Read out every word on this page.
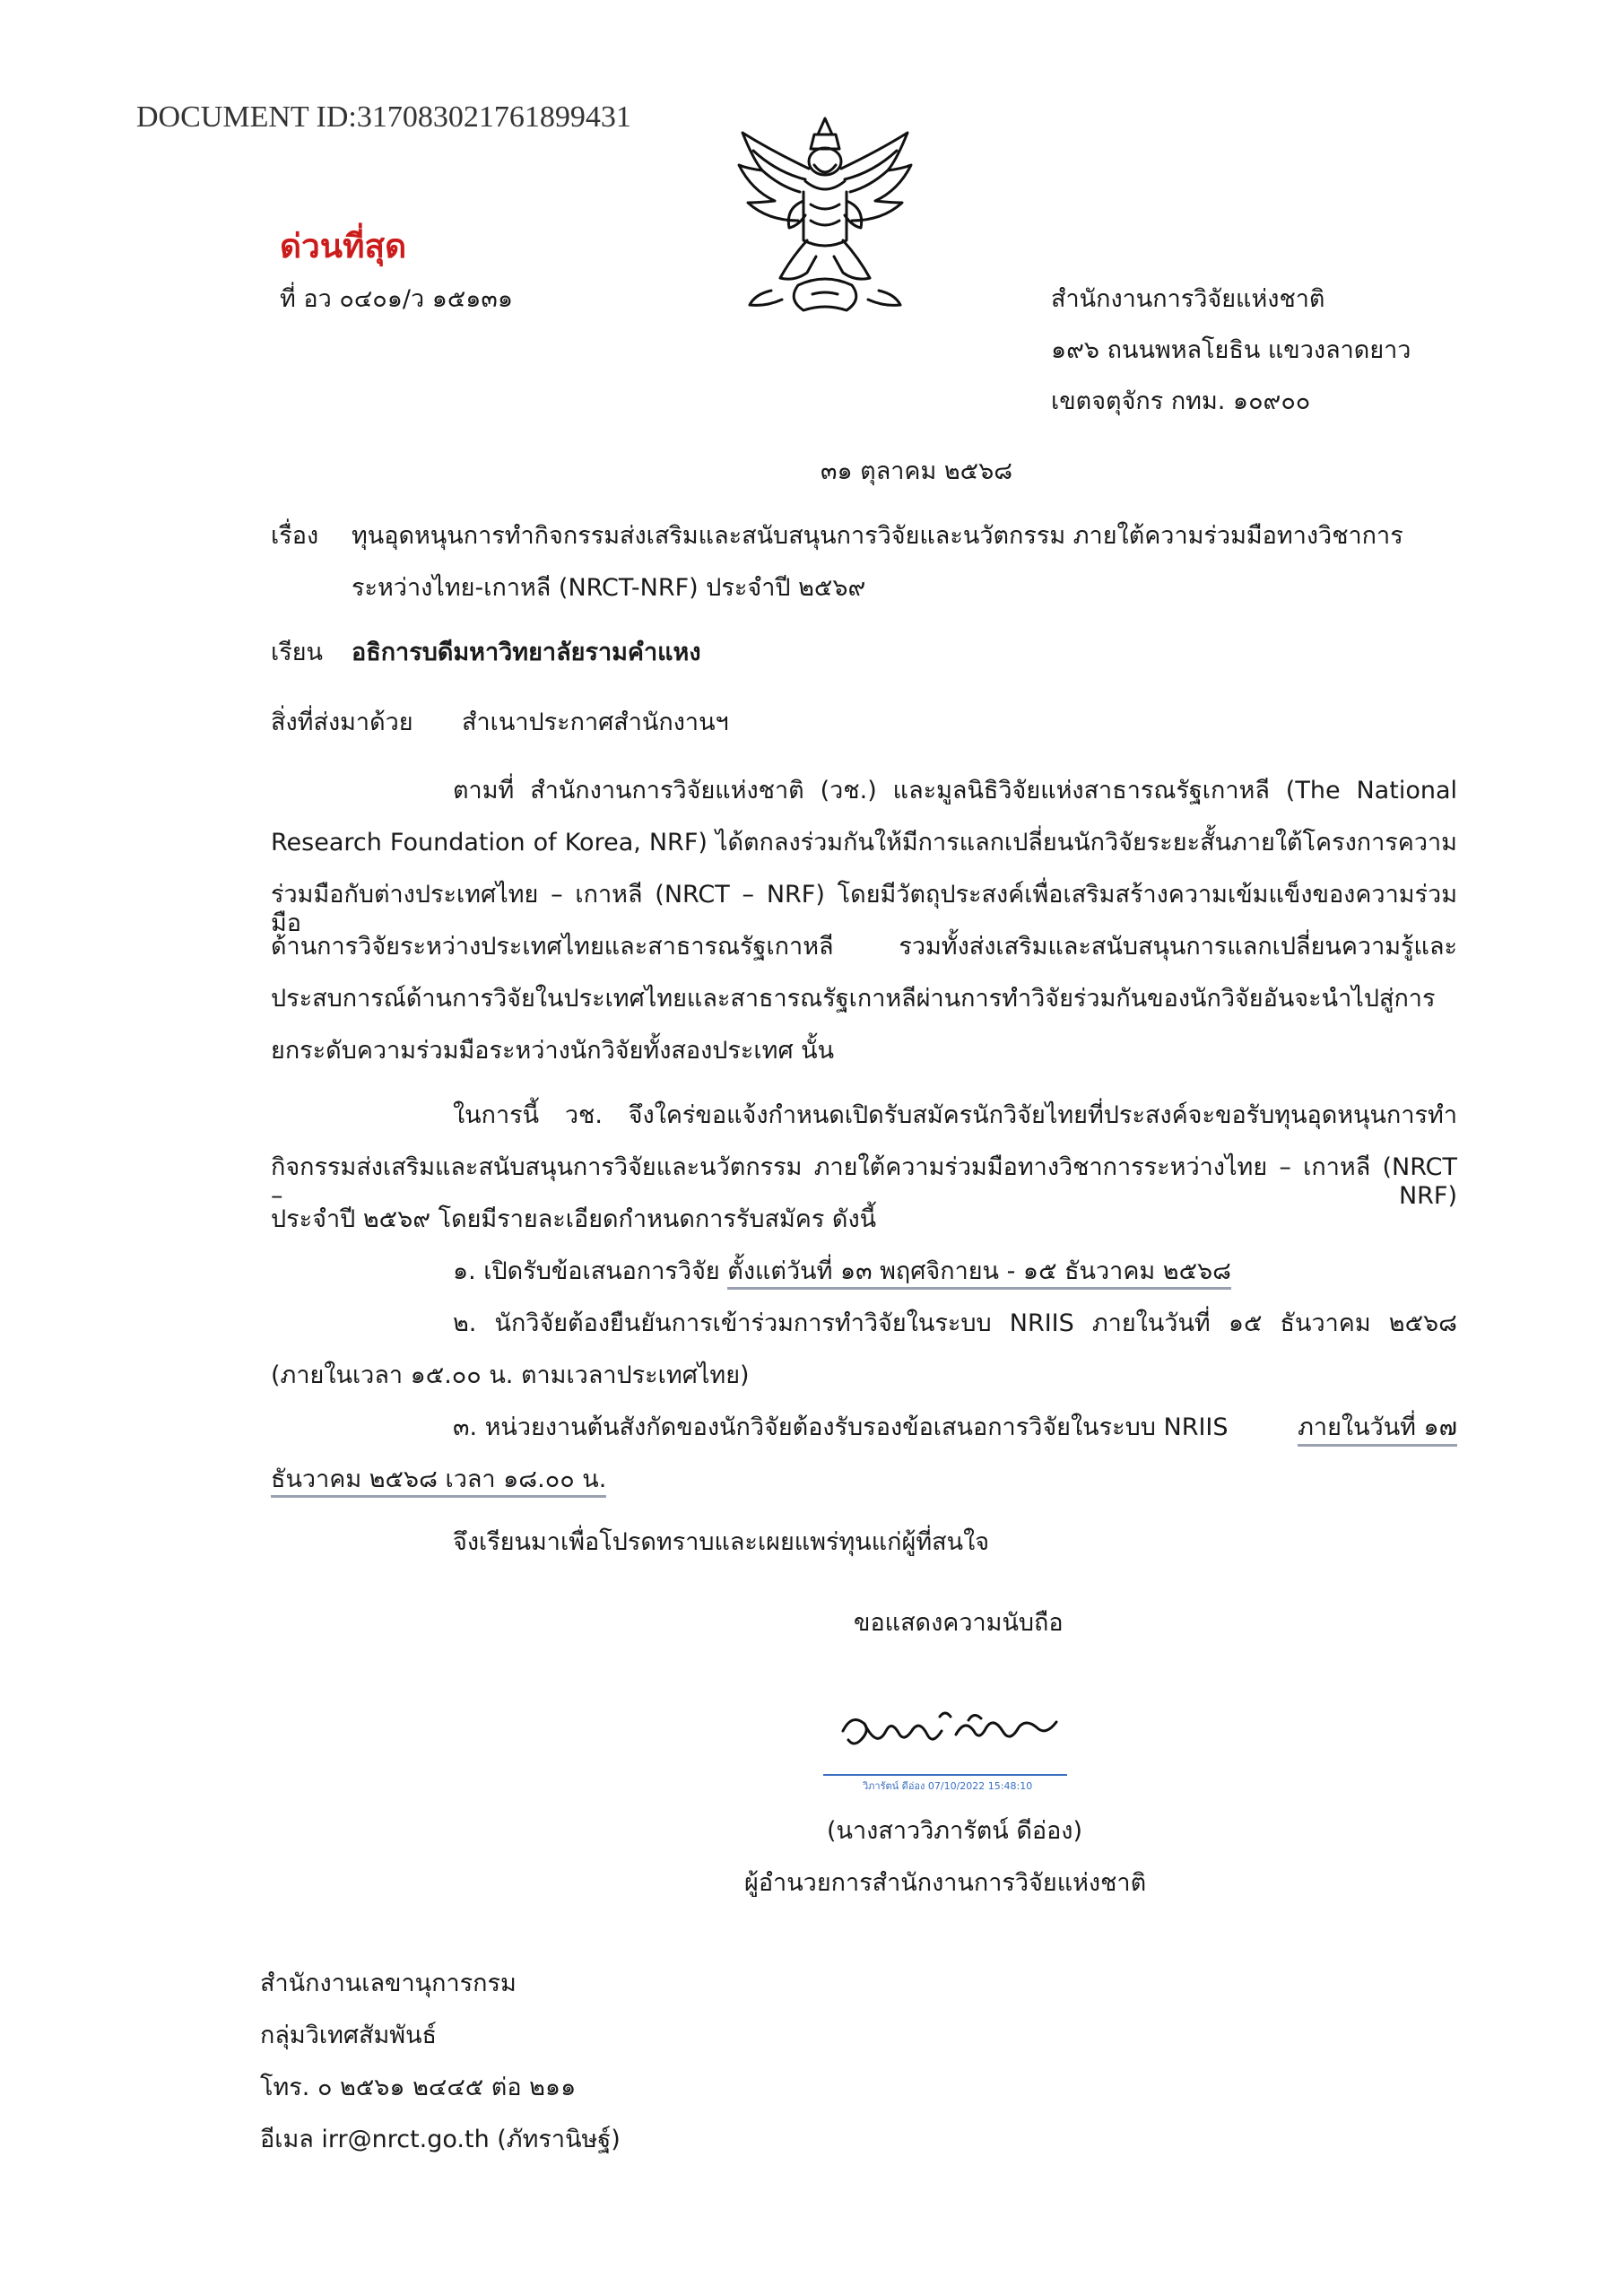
DOCUMENT ID:317083021761899431
ด่วนที่สุด
ที่ อว ๐๔๐๑/ว ๑๕๑๓๑	สำนักงานการวิจัยแห่งชาติ
๑๙๖ ถนนพหลโยธิน แขวงลาดยาว
เขตจตุจักร กทม. ๑๐๙๐๐
๓๑ ตุลาคม ๒๕๖๘
เรื่อง ทุนอุดหนุนการทำกิจกรรมส่งเสริมและสนับสนุนการวิจัยและนวัตกรรม ภายใต้ความร่วมมือทางวิชาการ
ระหว่างไทย-เกาหลี (NRCT-NRF) ประจำปี ๒๕๖๙
เรียน อธิการบดีมหาวิทยาลัยรามคำแหง
สิ่งที่ส่งมาด้วย สำเนาประกาศสำนักงานฯ
ตามที่ สำนักงานการวิจัยแห่งชาติ (วช.) และมูลนิธิวิจัยแห่งสาธารณรัฐเกาหลี (The National
Research Foundation of Korea, NRF) ได้ตกลงร่วมกันให้มีการแลกเปลี่ยนนักวิจัยระยะสั้นภายใต้โครงการความ
ร่วมมือกับต่างประเทศไทย – เกาหลี (NRCT – NRF) โดยมีวัตถุประสงค์เพื่อเสริมสร้างความเข้มแข็งของความร่วมมือ
ด้านการวิจัยระหว่างประเทศไทยและสาธารณรัฐเกาหลี รวมทั้งส่งเสริมและสนับสนุนการแลกเปลี่ยนความรู้และ
ประสบการณ์ด้านการวิจัยในประเทศไทยและสาธารณรัฐเกาหลีผ่านการทำวิจัยร่วมกันของนักวิจัยอันจะนำไปสู่การ
ยกระดับความร่วมมือระหว่างนักวิจัยทั้งสองประเทศ นั้น
ในการนี้ วช. จึงใคร่ขอแจ้งกำหนดเปิดรับสมัครนักวิจัยไทยที่ประสงค์จะขอรับทุนอุดหนุนการทำ
กิจกรรมส่งเสริมและสนับสนุนการวิจัยและนวัตกรรม ภายใต้ความร่วมมือทางวิชาการระหว่างไทย – เกาหลี (NRCT – NRF)
ประจำปี ๒๕๖๙ โดยมีรายละเอียดกำหนดการรับสมัคร ดังนี้
๑. เปิดรับข้อเสนอการวิจัย ตั้งแต่วันที่ ๑๓ พฤศจิกายน - ๑๕ ธันวาคม ๒๕๖๘
๒. นักวิจัยต้องยืนยันการเข้าร่วมการทำวิจัยในระบบ NRIIS ภายในวันที่ ๑๕ ธันวาคม ๒๕๖๘
(ภายในเวลา ๑๕.๐๐ น. ตามเวลาประเทศไทย)
๓. หน่วยงานต้นสังกัดของนักวิจัยต้องรับรองข้อเสนอการวิจัยในระบบ NRIIS	ภายในวันที่ ๑๗
ธันวาคม ๒๕๖๘ เวลา ๑๘.๐๐ น.
จึงเรียนมาเพื่อโปรดทราบและเผยแพร่ทุนแก่ผู้ที่สนใจ
ขอแสดงความนับถือ
วิภารัตน์ ดีอ่อง 07/10/2022 15:48:10
(นางสาววิภารัตน์ ดีอ่อง)
ผู้อำนวยการสำนักงานการวิจัยแห่งชาติ
สำนักงานเลขานุการกรม
กลุ่มวิเทศสัมพันธ์
โทร. ๐ ๒๕๖๑ ๒๔๔๕ ต่อ ๒๑๑
อีเมล irr@nrct.go.th (ภัทรานิษฐ์)
